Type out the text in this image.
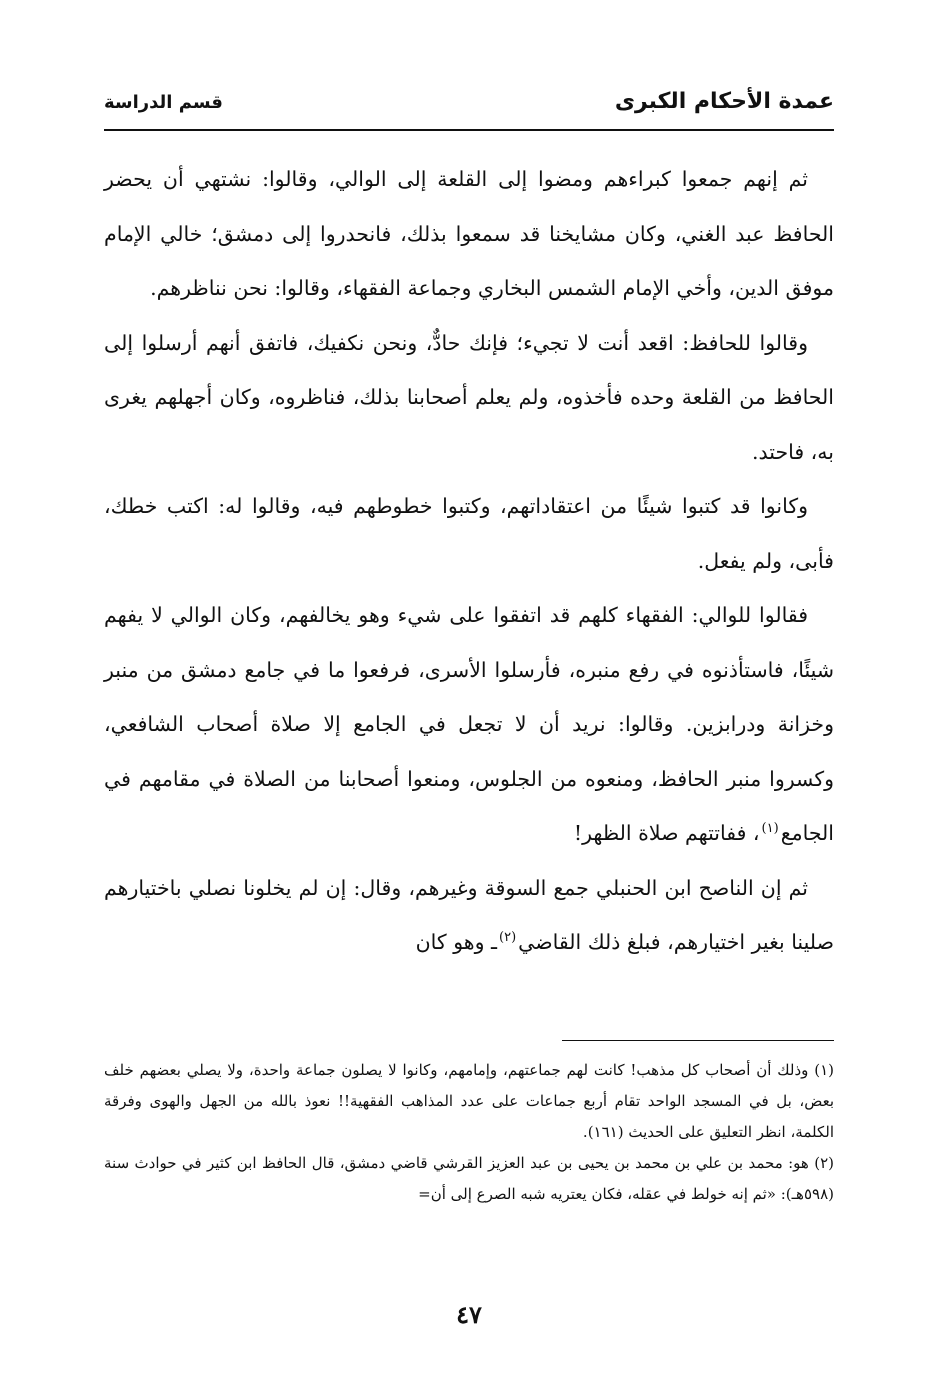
عمدة الأحكام الكبرى
قسم الدراسة

ثم إنهم جمعوا كبراءهم ومضوا إلى القلعة إلى الوالي، وقالوا: نشتهي أن يحضر الحافظ عبد الغني، وكان مشايخنا قد سمعوا بذلك، فانحدروا إلى دمشق؛ خالي الإمام موفق الدين، وأخي الإمام الشمس البخاري وجماعة الفقهاء، وقالوا: نحن نناظرهم.

وقالوا للحافظ: اقعد أنت لا تجيء؛ فإنك حادٌّ، ونحن نكفيك، فاتفق أنهم أرسلوا إلى الحافظ من القلعة وحده فأخذوه، ولم يعلم أصحابنا بذلك، فناظروه، وكان أجهلهم يغرى به، فاحتد.

وكانوا قد كتبوا شيئًا من اعتقاداتهم، وكتبوا خطوطهم فيه، وقالوا له: اكتب خطك، فأبى، ولم يفعل.

فقالوا للوالي: الفقهاء كلهم قد اتفقوا على شيء وهو يخالفهم، وكان الوالي لا يفهم شيئًا، فاستأذنوه في رفع منبره، فأرسلوا الأسرى، فرفعوا ما في جامع دمشق من منبر وخزانة ودرابزين. وقالوا: نريد أن لا تجعل في الجامع إلا صلاة أصحاب الشافعي، وكسروا منبر الحافظ، ومنعوه من الجلوس، ومنعوا أصحابنا من الصلاة في مقامهم في الجامع$^{(١)}$، ففاتتهم صلاة الظهر!

ثم إن الناصح ابن الحنبلي جمع السوقة وغيرهم، وقال: إن لم يخلونا نصلي باختيارهم صلينا بغير اختيارهم، فبلغ ذلك القاضي$^{(٢)}$ـ وهو كان

(١) وذلك أن أصحاب كل مذهب! كانت لهم جماعتهم، وإمامهم، وكانوا لا يصلون جماعة واحدة، ولا يصلي بعضهم خلف بعض، بل في المسجد الواحد تقام أربع جماعات على عدد المذاهب الفقهية!! نعوذ بالله من الجهل والهوى وفرقة الكلمة، انظر التعليق على الحديث (١٦١).

(٢) هو: محمد بن علي بن محمد بن يحيى بن عبد العزيز القرشي قاضي دمشق، قال الحافظ ابن كثير في حوادث سنة (٥٩٨هـ): «ثم إنه خولط في عقله، فكان يعتريه شبه الصرع إلى أن=

٤٧
